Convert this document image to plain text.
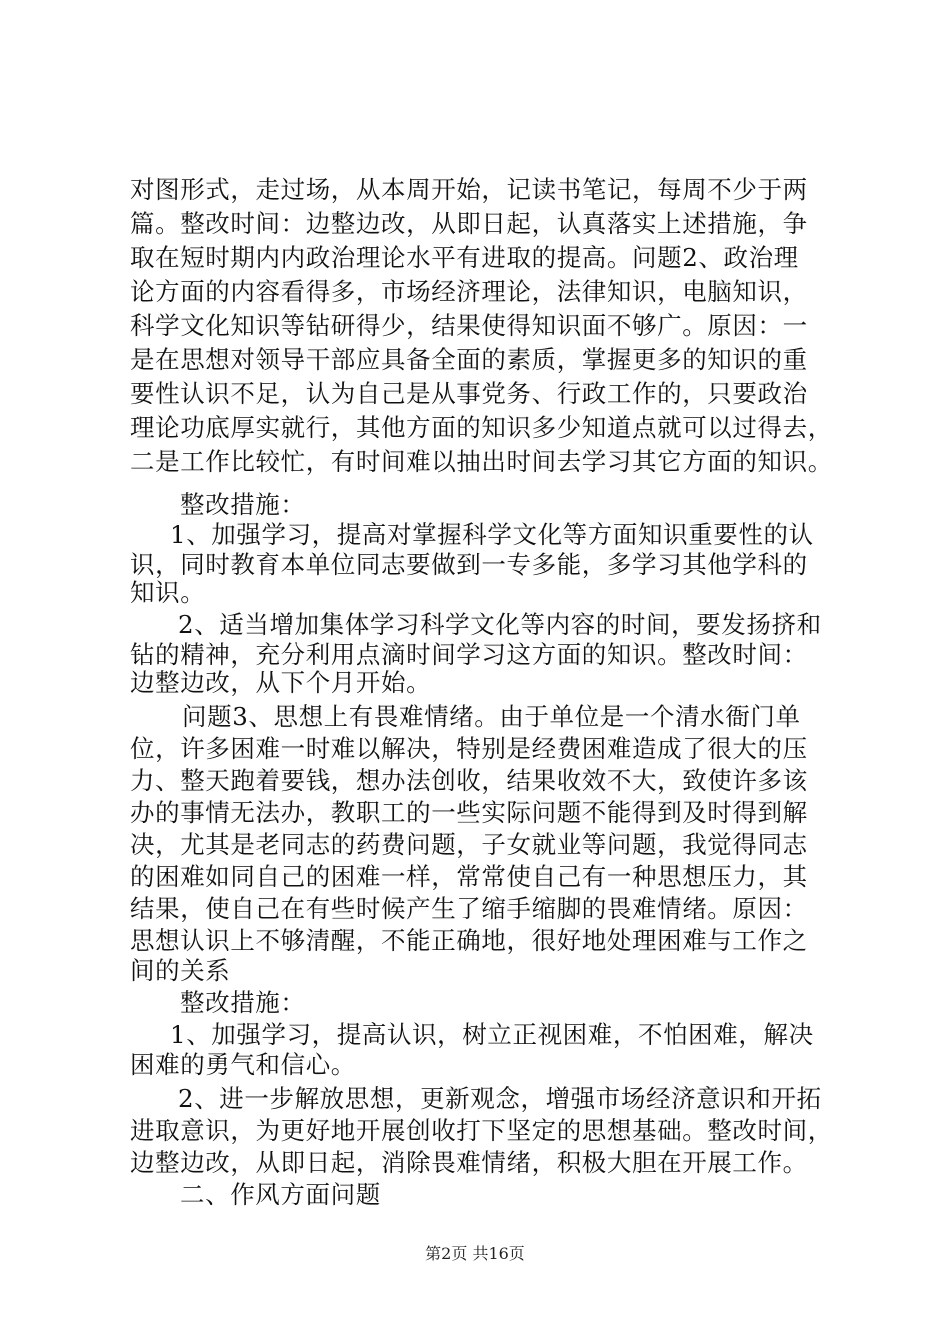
对图形式，走过场，从本周开始，记读书笔记，每周不少于两

篇。整改时间：边整边改，从即日起，认真落实上述措施，争

取在短时期内内政治理论水平有进取的提高。问题2、政治理

论方面的内容看得多，市场经济理论，法律知识，电脑知识，

科学文化知识等钻研得少，结果使得知识面不够广。原因：一

是在思想对领导干部应具备全面的素质，掌握更多的知识的重

要性认识不足，认为自己是从事党务、行政工作的，只要政治

理论功底厚实就行，其他方面的知识多少知道点就可以过得去，

二是工作比较忙，有时间难以抽出时间去学习其它方面的知识。

整改措施：

1、加强学习，提高对掌握科学文化等方面知识重要性的认

识，同时教育本单位同志要做到一专多能，多学习其他学科的

知识。

2、适当增加集体学习科学文化等内容的时间，要发扬挤和

钻的精神，充分利用点滴时间学习这方面的知识。整改时间：

边整边改，从下个月开始。

问题3、思想上有畏难情绪。由于单位是一个清水衙门单

位，许多困难一时难以解决，特别是经费困难造成了很大的压

力、整天跑着要钱，想办法创收，结果收效不大，致使许多该

办的事情无法办，教职工的一些实际问题不能得到及时得到解

决，尤其是老同志的药费问题，子女就业等问题，我觉得同志

的困难如同自己的困难一样，常常使自己有一种思想压力，其

结果，使自己在有些时候产生了缩手缩脚的畏难情绪。原因：

思想认识上不够清醒，不能正确地，很好地处理困难与工作之

间的关系

整改措施：

1、加强学习，提高认识，树立正视困难，不怕困难，解决

困难的勇气和信心。

2、进一步解放思想，更新观念，增强市场经济意识和开拓

进取意识，为更好地开展创收打下坚定的思想基础。整改时间，

边整边改，从即日起，消除畏难情绪，积极大胆在开展工作。

二、作风方面问题

第2页 共16页
